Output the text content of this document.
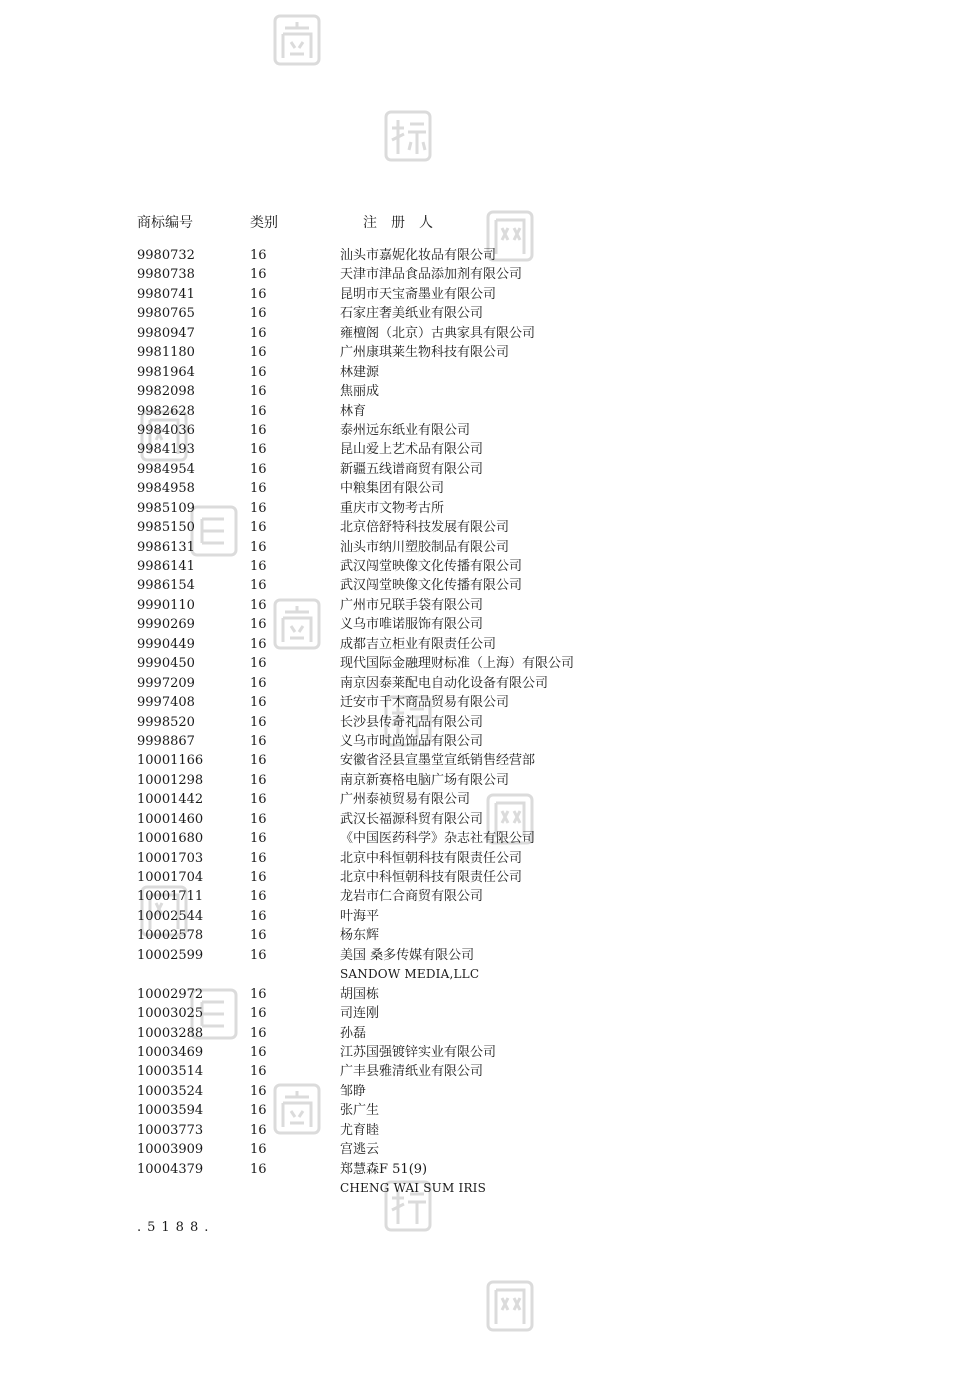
商标编号	类别	注册人
9980732	16	汕头市嘉妮化妆品有限公司
9980738	16	天津市津品食品添加剂有限公司
9980741	16	昆明市天宝斋墨业有限公司
9980765	16	石家庄奢美纸业有限公司
9980947	16	雍檀阁（北京）古典家具有限公司
9981180	16	广州康琪莱生物科技有限公司
9981964	16	林建源
9982098	16	焦丽成
9982628	16	林育
9984036	16	泰州远东纸业有限公司
9984193	16	昆山爱上艺术品有限公司
9984954	16	新疆五线谱商贸有限公司
9984958	16	中粮集团有限公司
9985109	16	重庆市文物考古所
9985150	16	北京倍舒特科技发展有限公司
9986131	16	汕头市纳川塑胶制品有限公司
9986141	16	武汉闯堂映像文化传播有限公司
9986154	16	武汉闯堂映像文化传播有限公司
9990110	16	广州市兄联手袋有限公司
9990269	16	义乌市唯诺服饰有限公司
9990449	16	成都吉立柜业有限责任公司
9990450	16	现代国际金融理财标准（上海）有限公司
9997209	16	南京因泰莱配电自动化设备有限公司
9997408	16	迁安市千木商品贸易有限公司
9998520	16	长沙县传奇礼品有限公司
9998867	16	义乌市时尚饰品有限公司
10001166	16	安徽省泾县宣墨堂宣纸销售经营部
10001298	16	南京新赛格电脑广场有限公司
10001442	16	广州泰祯贸易有限公司
10001460	16	武汉长福源科贸有限公司
10001680	16	《中国医药科学》杂志社有限公司
10001703	16	北京中科恒朝科技有限责任公司
10001704	16	北京中科恒朝科技有限责任公司
10001711	16	龙岩市仁合商贸有限公司
10002544	16	叶海平
10002578	16	杨东辉
10002599	16	美国 桑多传媒有限公司
SANDOW MEDIA,LLC
10002972	16	胡国栋
10003025	16	司连刚
10003288	16	孙磊
10003469	16	江苏国强镀锌实业有限公司
10003514	16	广丰县雅清纸业有限公司
10003524	16	邹睁
10003594	16	张广生
10003773	16	尤育睦
10003909	16	宫逃云
10004379	16	郑慧森F 51(9)
CHENG WAI SUM IRIS
.5188.
